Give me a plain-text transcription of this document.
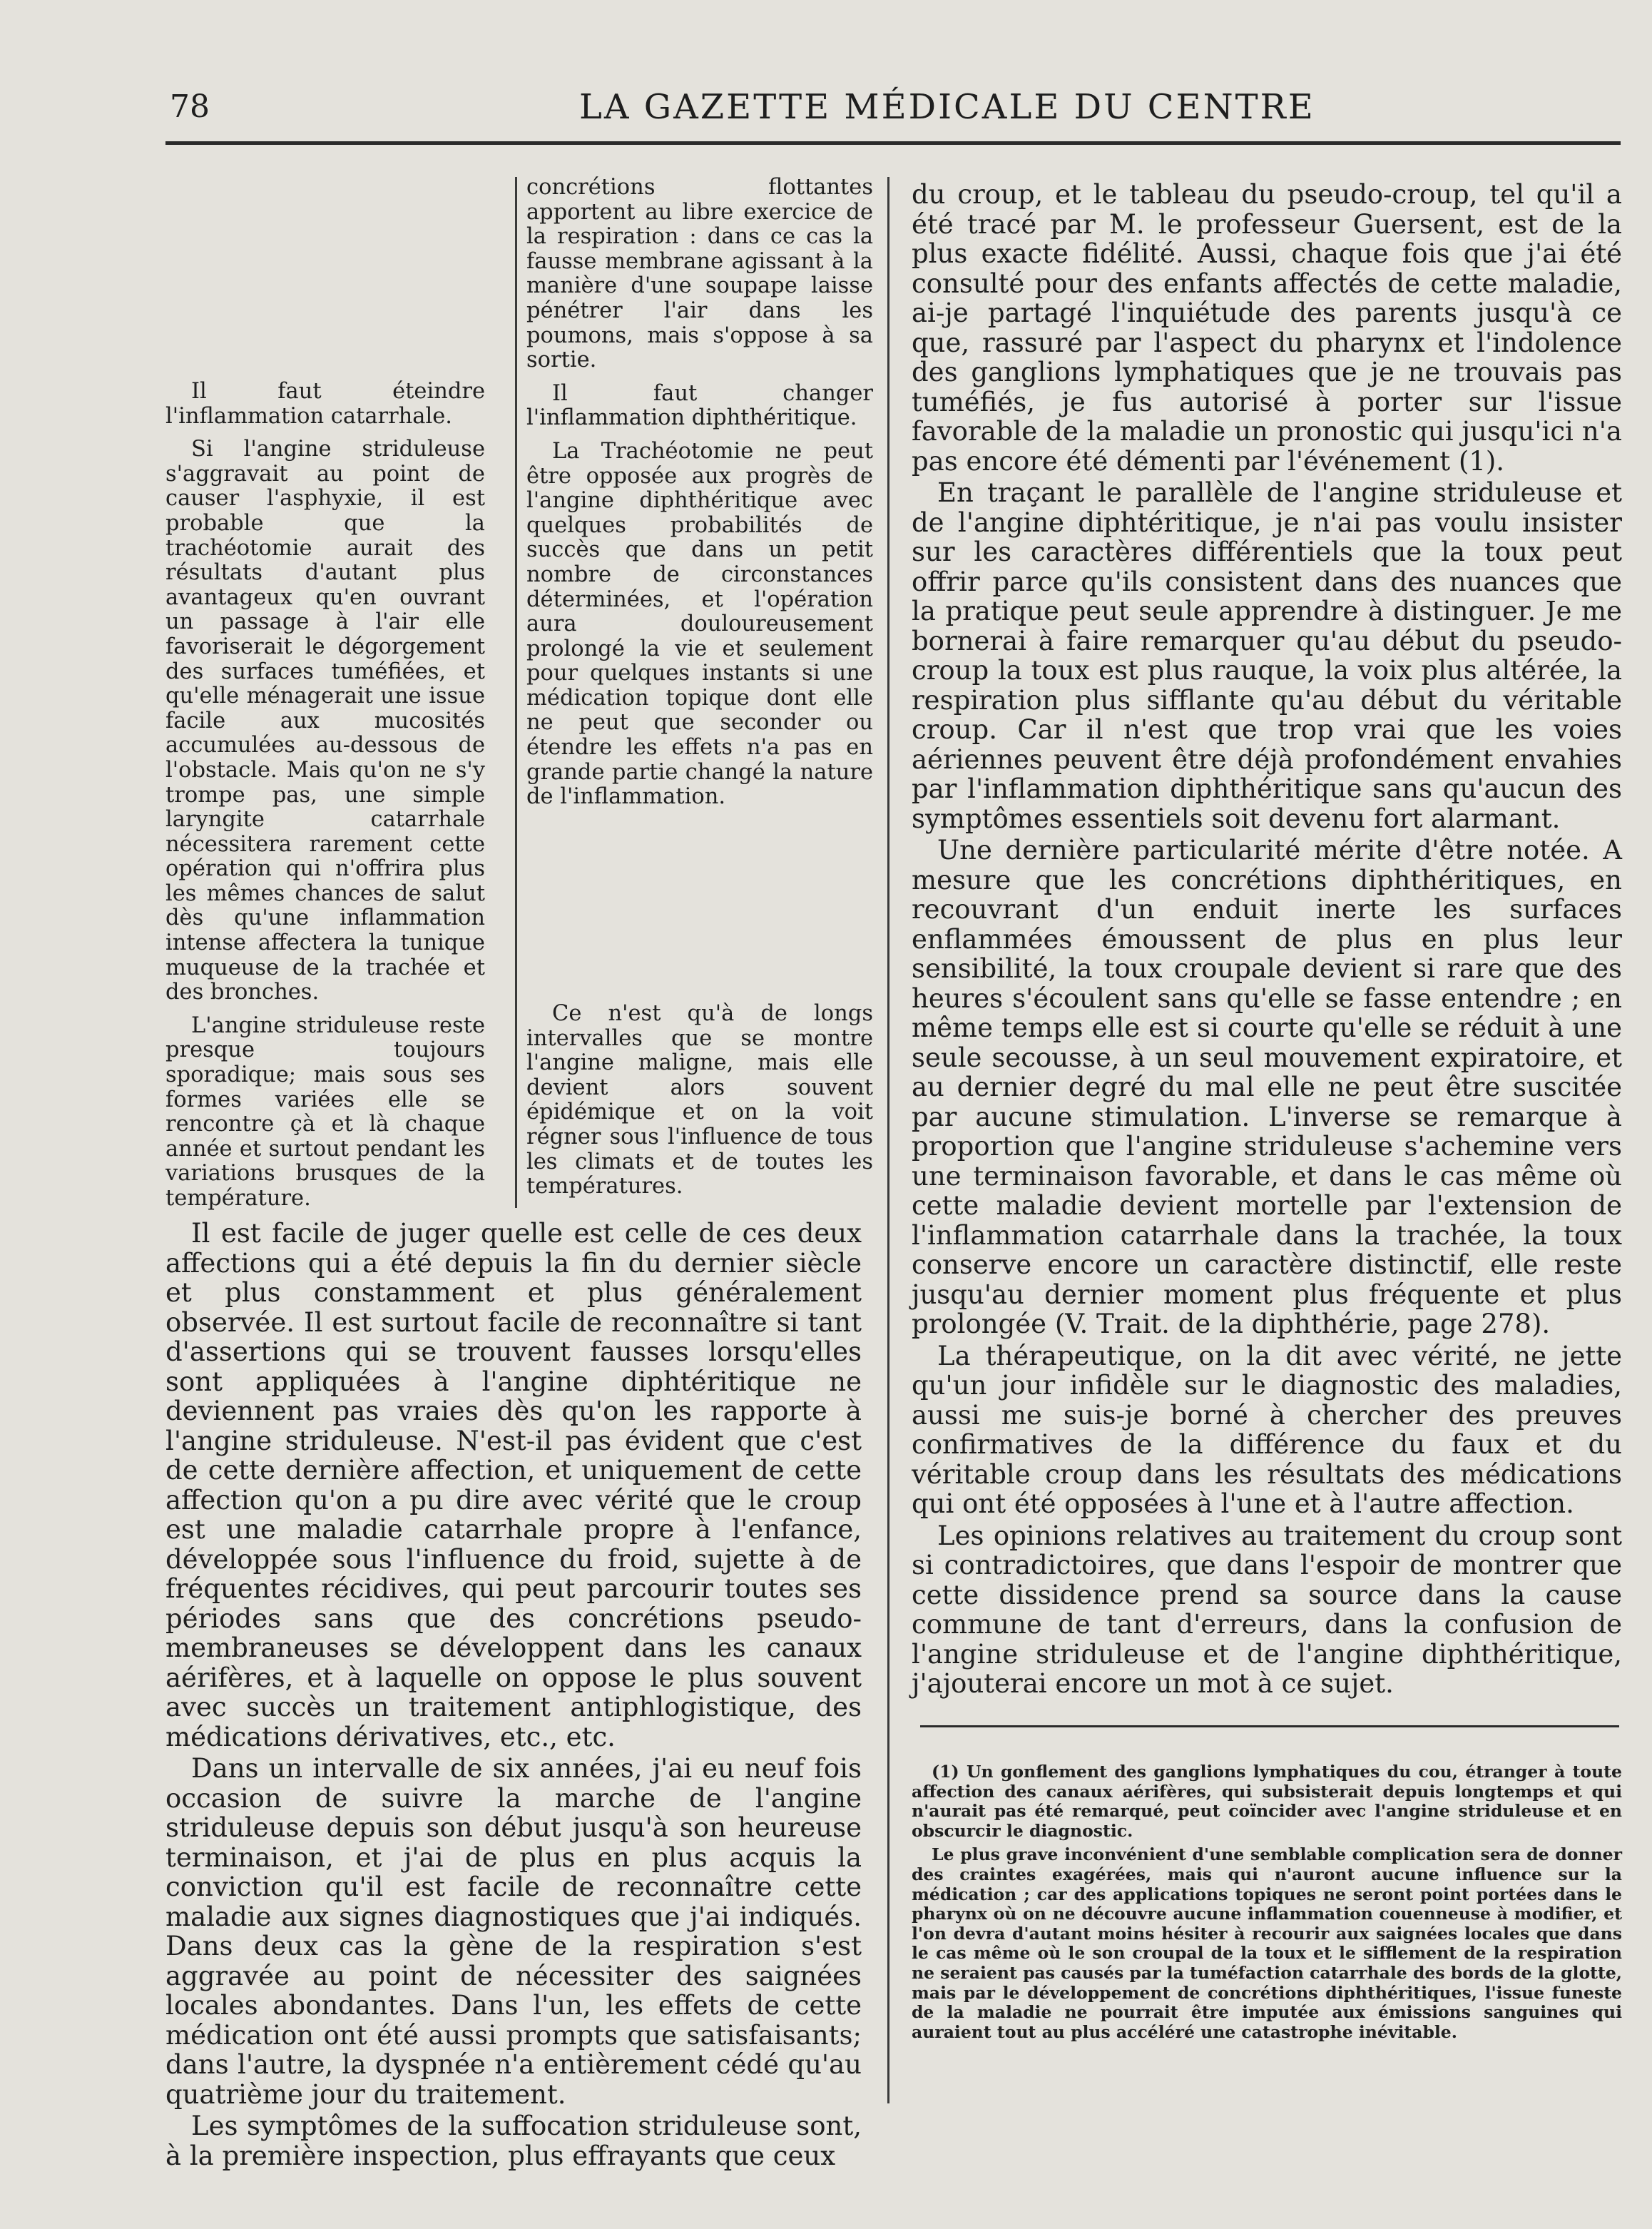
78	LA GAZETTE MÉDICALE DU CENTRE

Il faut éteindre l'inflammation catarrhale.

Si l'angine striduleuse s'aggravait au point de causer l'asphyxie, il est probable que la trachéotomie aurait des résultats d'autant plus avantageux qu'en ouvrant un passage à l'air elle favoriserait le dégorgement des surfaces tuméfiées, et qu'elle ménagerait une issue facile aux mucosités accumulées au-dessous de l'obstacle. Mais qu'on ne s'y trompe pas, une simple laryngite catarrhale nécessitera rarement cette opération qui n'offrira plus les mêmes chances de salut dès qu'une inflammation intense affectera la tunique muqueuse de la trachée et des bronches.

L'angine striduleuse reste presque toujours sporadique; mais sous ses formes variées elle se rencontre çà et là chaque année et surtout pendant les variations brusques de la température.

concrétions flottantes apportent au libre exercice de la respiration : dans ce cas la fausse membrane agissant à la manière d'une soupape laisse pénétrer l'air dans les poumons, mais s'oppose à sa sortie.

Il faut changer l'inflammation diphthéritique.

La Trachéotomie ne peut être opposée aux progrès de l'angine diphthéritique avec quelques probabilités de succès que dans un petit nombre de circonstances déterminées, et l'opération aura douloureusement prolongé la vie et seulement pour quelques instants si une médication topique dont elle ne peut que seconder ou étendre les effets n'a pas en grande partie changé la nature de l'inflammation.

Ce n'est qu'à de longs intervalles que se montre l'angine maligne, mais elle devient alors souvent épidémique et on la voit régner sous l'influence de tous les climats et de toutes les températures.

Il est facile de juger quelle est celle de ces deux affections qui a été depuis la fin du dernier siècle et plus constamment et plus généralement observée. Il est surtout facile de reconnaître si tant d'assertions qui se trouvent fausses lorsqu'elles sont appliquées à l'angine diphtéritique ne deviennent pas vraies dès qu'on les rapporte à l'angine striduleuse. N'est-il pas évident que c'est de cette dernière affection, et uniquement de cette affection qu'on a pu dire avec vérité que le croup est une maladie catarrhale propre à l'enfance, développée sous l'influence du froid, sujette à de fréquentes récidives, qui peut parcourir toutes ses périodes sans que des concrétions pseudo-membraneuses se développent dans les canaux aérifères, et à laquelle on oppose le plus souvent avec succès un traitement antiphlogistique, des médications dérivatives, etc., etc.

Dans un intervalle de six années, j'ai eu neuf fois occasion de suivre la marche de l'angine striduleuse depuis son début jusqu'à son heureuse terminaison, et j'ai de plus en plus acquis la conviction qu'il est facile de reconnaître cette maladie aux signes diagnostiques que j'ai indiqués. Dans deux cas la gène de la respiration s'est aggravée au point de nécessiter des saignées locales abondantes. Dans l'un, les effets de cette médication ont été aussi prompts que satisfaisants; dans l'autre, la dyspnée n'a entièrement cédé qu'au quatrième jour du traitement.

Les symptômes de la suffocation striduleuse sont, à la première inspection, plus effrayants que ceux

du croup, et le tableau du pseudo-croup, tel qu'il a été tracé par M. le professeur Guersent, est de la plus exacte fidélité. Aussi, chaque fois que j'ai été consulté pour des enfants affectés de cette maladie, ai-je partagé l'inquiétude des parents jusqu'à ce que, rassuré par l'aspect du pharynx et l'indolence des ganglions lymphatiques que je ne trouvais pas tuméfiés, je fus autorisé à porter sur l'issue favorable de la maladie un pronostic qui jusqu'ici n'a pas encore été démenti par l'événement (1).

En traçant le parallèle de l'angine striduleuse et de l'angine diphtéritique, je n'ai pas voulu insister sur les caractères différentiels que la toux peut offrir parce qu'ils consistent dans des nuances que la pratique peut seule apprendre à distinguer. Je me bornerai à faire remarquer qu'au début du pseudo-croup la toux est plus rauque, la voix plus altérée, la respiration plus sifflante qu'au début du véritable croup. Car il n'est que trop vrai que les voies aériennes peuvent être déjà profondément envahies par l'inflammation diphthéritique sans qu'aucun des symptômes essentiels soit devenu fort alarmant.

Une dernière particularité mérite d'être notée. A mesure que les concrétions diphthéritiques, en recouvrant d'un enduit inerte les surfaces enflammées émoussent de plus en plus leur sensibilité, la toux croupale devient si rare que des heures s'écoulent sans qu'elle se fasse entendre ; en même temps elle est si courte qu'elle se réduit à une seule secousse, à un seul mouvement expiratoire, et au dernier degré du mal elle ne peut être suscitée par aucune stimulation. L'inverse se remarque à proportion que l'angine striduleuse s'achemine vers une terminaison favorable, et dans le cas même où cette maladie devient mortelle par l'extension de l'inflammation catarrhale dans la trachée, la toux conserve encore un caractère distinctif, elle reste jusqu'au dernier moment plus fréquente et plus prolongée (V. Trait. de la diphthérie, page 278).

La thérapeutique, on la dit avec vérité, ne jette qu'un jour infidèle sur le diagnostic des maladies, aussi me suis-je borné à chercher des preuves confirmatives de la différence du faux et du véritable croup dans les résultats des médications qui ont été opposées à l'une et à l'autre affection.

Les opinions relatives au traitement du croup sont si contradictoires, que dans l'espoir de montrer que cette dissidence prend sa source dans la cause commune de tant d'erreurs, dans la confusion de l'angine striduleuse et de l'angine diphthéritique, j'ajouterai encore un mot à ce sujet.

(1) Un gonflement des ganglions lymphatiques du cou, étranger à toute affection des canaux aérifères, qui subsisterait depuis longtemps et qui n'aurait pas été remarqué, peut coïncider avec l'angine striduleuse et en obscurcir le diagnostic.

Le plus grave inconvénient d'une semblable complication sera de donner des craintes exagérées, mais qui n'auront aucune influence sur la médication ; car des applications topiques ne seront point portées dans le pharynx où on ne découvre aucune inflammation couenneuse à modifier, et l'on devra d'autant moins hésiter à recourir aux saignées locales que dans le cas même où le son croupal de la toux et le sifflement de la respiration ne seraient pas causés par la tuméfaction catarrhale des bords de la glotte, mais par le développement de concrétions diphthéritiques, l'issue funeste de la maladie ne pourrait être imputée aux émissions sanguines qui auraient tout au plus accéléré une catastrophe inévitable.
